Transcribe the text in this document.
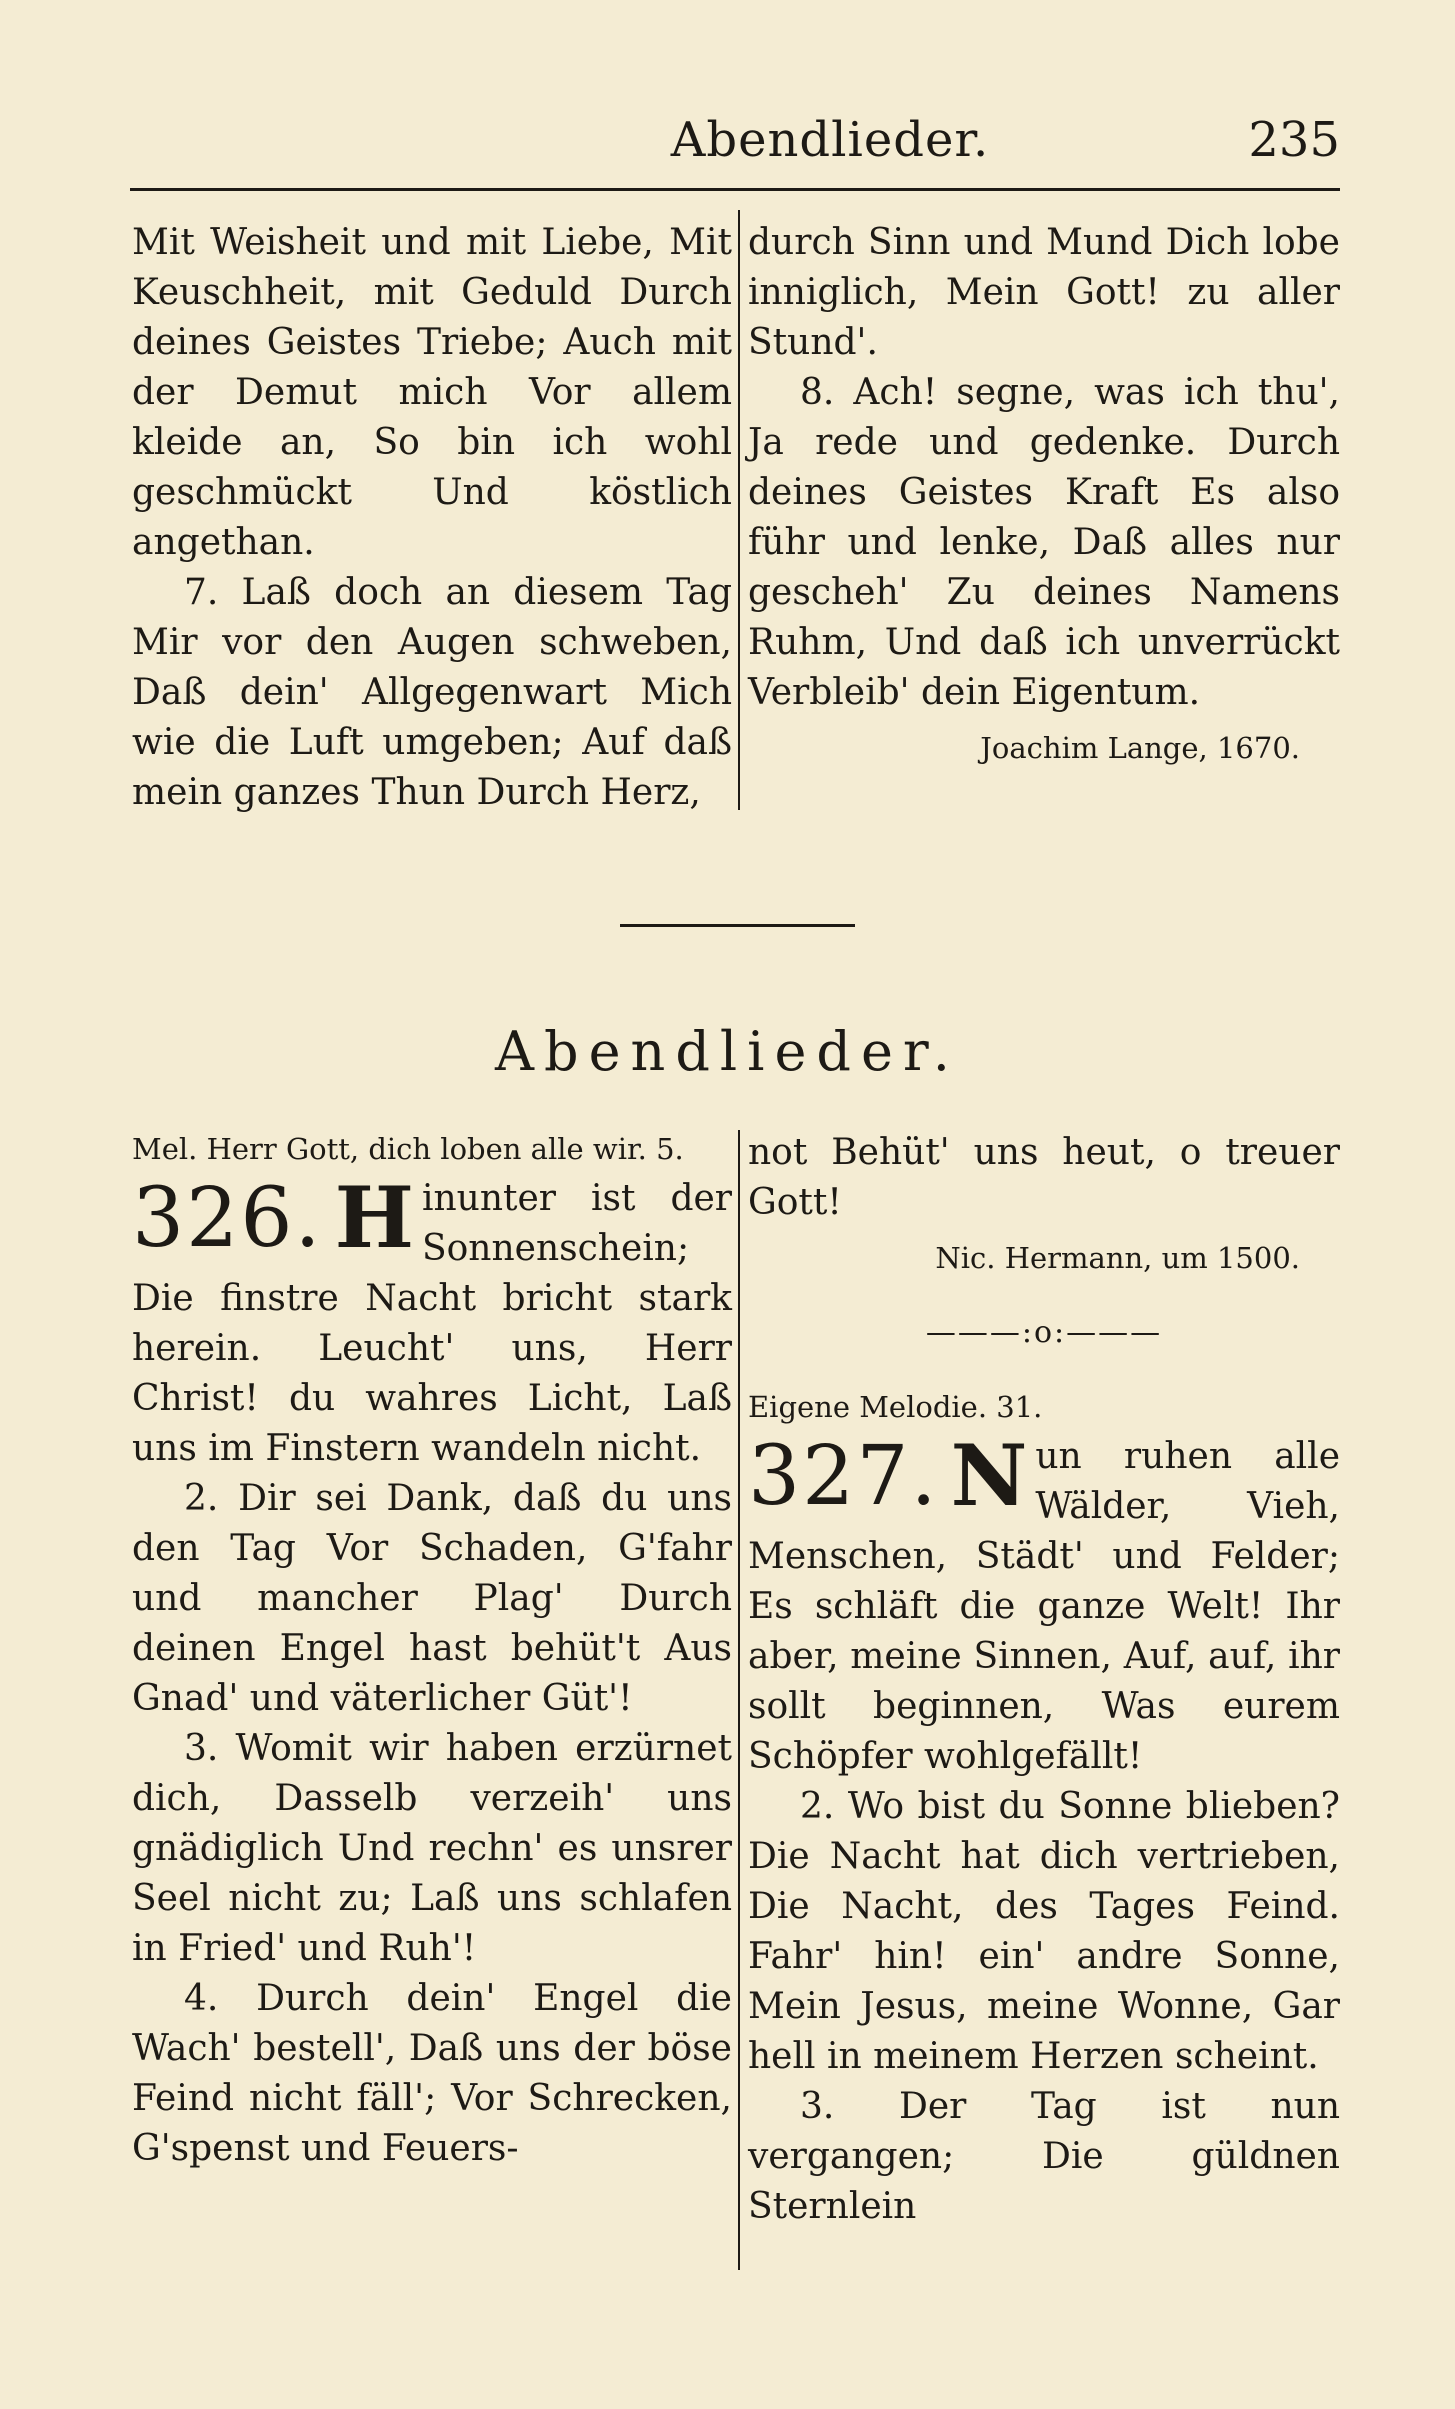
Abendlieder.	235

Mit Weisheit und mit Liebe, Mit Keuschheit, mit Geduld Durch deines Geistes Triebe; Auch mit der Demut mich Vor allem kleide an, So bin ich wohl geschmückt Und köstlich angethan.

7. Laß doch an diesem Tag Mir vor den Augen schweben, Daß dein' Allgegenwart Mich wie die Luft umgeben; Auf daß mein ganzes Thun Durch Herz,

durch Sinn und Mund Dich lobe inniglich, Mein Gott! zu aller Stund'.

8. Ach! segne, was ich thu', Ja rede und gedenke. Durch deines Geistes Kraft Es also führ und lenke, Daß alles nur gescheh' Zu deines Namens Ruhm, Und daß ich unverrückt Verbleib' dein Eigentum.

Joachim Lange, 1670.
Abendlieder.

Mel. Herr Gott, dich loben alle wir. 5.

326. H inunter ist der Sonnenschein; Die finstre Nacht bricht stark herein. Leucht' uns, Herr Christ! du wahres Licht, Laß uns im Finstern wandeln nicht.

2. Dir sei Dank, daß du uns den Tag Vor Schaden, G'fahr und mancher Plag' Durch deinen Engel hast behüt't Aus Gnad' und väterlicher Güt'!

3. Womit wir haben erzürnet dich, Dasselb verzeih' uns gnädiglich Und rechn' es unsrer Seel nicht zu; Laß uns schlafen in Fried' und Ruh'!

4. Durch dein' Engel die Wach' bestell', Daß uns der böse Feind nicht fäll'; Vor Schrecken, G'spenst und Feuers-

not Behüt' uns heut, o treuer Gott!

Nic. Hermann, um 1500.
———:o:———

Eigene Melodie. 31.

327. N un ruhen alle Wälder, Vieh, Menschen, Städt' und Felder; Es schläft die ganze Welt! Ihr aber, meine Sinnen, Auf, auf, ihr sollt beginnen, Was eurem Schöpfer wohlgefällt!

2. Wo bist du Sonne blieben? Die Nacht hat dich vertrieben, Die Nacht, des Tages Feind. Fahr' hin! ein' andre Sonne, Mein Jesus, meine Wonne, Gar hell in meinem Herzen scheint.

3. Der Tag ist nun vergangen; Die güldnen Sternlein
